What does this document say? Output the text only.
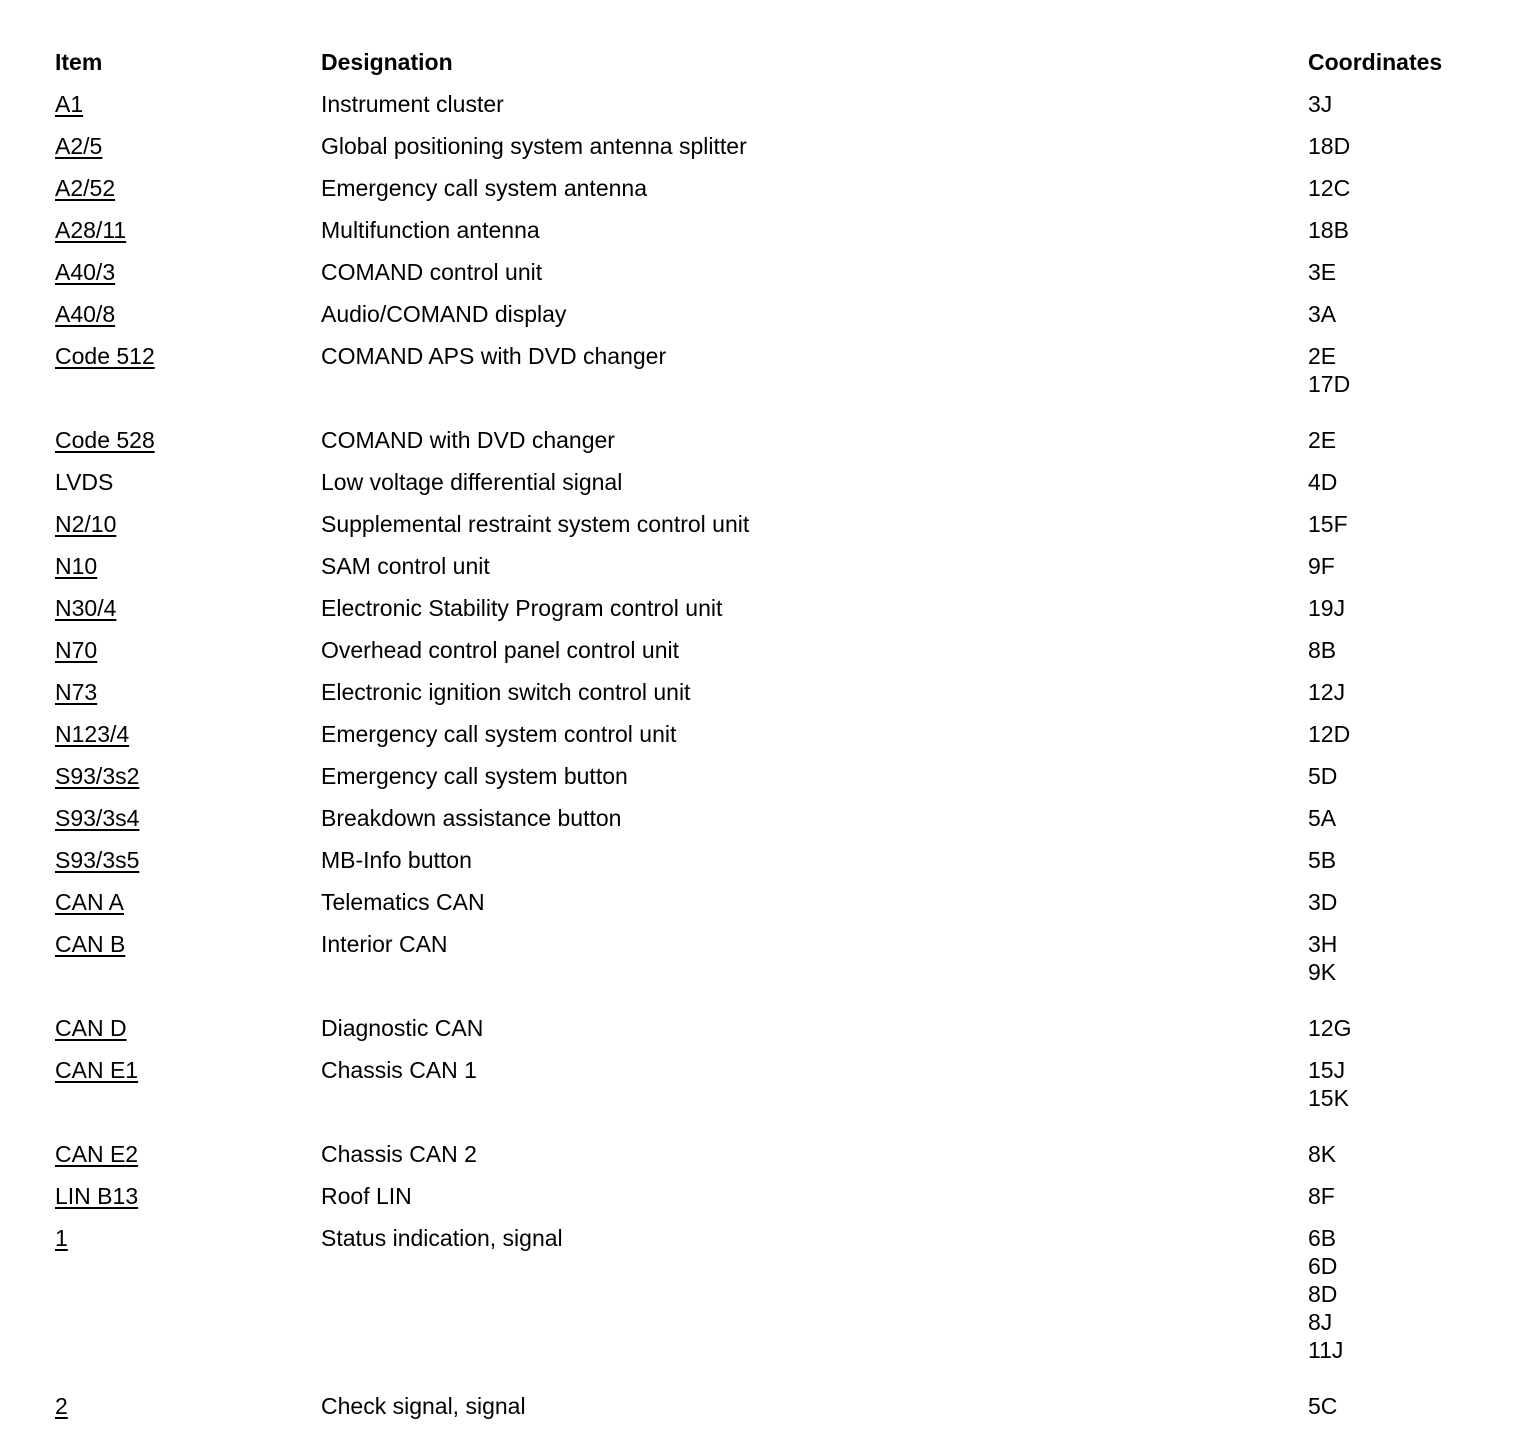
Item	Designation	Coordinates
A1	Instrument cluster	3J
A2/5	Global positioning system antenna splitter	18D
A2/52	Emergency call system antenna	12C
A28/11	Multifunction antenna	18B
A40/3	COMAND control unit	3E
A40/8	Audio/COMAND display	3A
Code 512	COMAND APS with DVD changer	2E
17D
Code 528	COMAND with DVD changer	2E
LVDS	Low voltage differential signal	4D
N2/10	Supplemental restraint system control unit	15F
N10	SAM control unit	9F
N30/4	Electronic Stability Program control unit	19J
N70	Overhead control panel control unit	8B
N73	Electronic ignition switch control unit	12J
N123/4	Emergency call system control unit	12D
S93/3s2	Emergency call system button	5D
S93/3s4	Breakdown assistance button	5A
S93/3s5	MB-Info button	5B
CAN A	Telematics CAN	3D
CAN B	Interior CAN	3H
9K
CAN D	Diagnostic CAN	12G
CAN E1	Chassis CAN 1	15J
15K
CAN E2	Chassis CAN 2	8K
LIN B13	Roof LIN	8F
1	Status indication, signal	6B
6D
8D
8J
11J
2	Check signal, signal	5C
